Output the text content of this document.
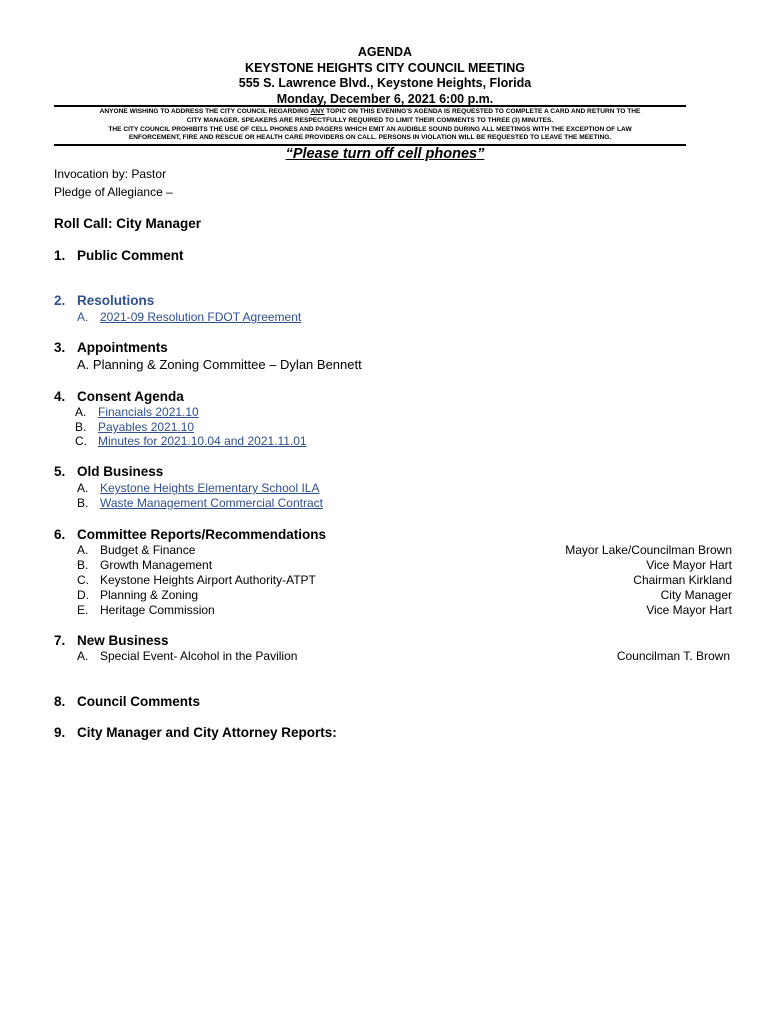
AGENDA
KEYSTONE HEIGHTS CITY COUNCIL MEETING
555 S. Lawrence Blvd., Keystone Heights, Florida
Monday, December 6, 2021 6:00 p.m.
ANYONE WISHING TO ADDRESS THE CITY COUNCIL REGARDING ANY TOPIC ON THIS EVENING'S AGENDA IS REQUESTED TO COMPLETE A CARD AND RETURN TO THE
CITY MANAGER. SPEAKERS ARE RESPECTFULLY REQUIRED TO LIMIT THEIR COMMENTS TO THREE (3) MINUTES.
THE CITY COUNCIL PROHIBITS THE USE OF CELL PHONES AND PAGERS WHICH EMIT AN AUDIBLE SOUND DURING ALL MEETINGS WITH THE EXCEPTION OF LAW
ENFORCEMENT, FIRE AND RESCUE OR HEALTH CARE PROVIDERS ON CALL. PERSONS IN VIOLATION WILL BE REQUESTED TO LEAVE THE MEETING.
“Please turn off cell phones”
Invocation by: Pastor
Pledge of Allegiance –
Roll Call: City Manager
1. Public Comment
2. Resolutions
A. 2021-09 Resolution FDOT Agreement
3. Appointments
A. Planning & Zoning Committee – Dylan Bennett
4. Consent Agenda
A. Financials 2021.10
B. Payables 2021.10
C. Minutes for 2021.10.04 and 2021.11.01
5. Old Business
A. Keystone Heights Elementary School ILA
B. Waste Management Commercial Contract
6. Committee Reports/Recommendations
A. Budget & Finance	Mayor Lake/Councilman Brown
B. Growth Management	Vice Mayor Hart
C. Keystone Heights Airport Authority-ATPT	Chairman Kirkland
D. Planning & Zoning	City Manager
E. Heritage Commission	Vice Mayor Hart
7. New Business
A. Special Event- Alcohol in the Pavilion	Councilman T. Brown
8. Council Comments
9. City Manager and City Attorney Reports:
